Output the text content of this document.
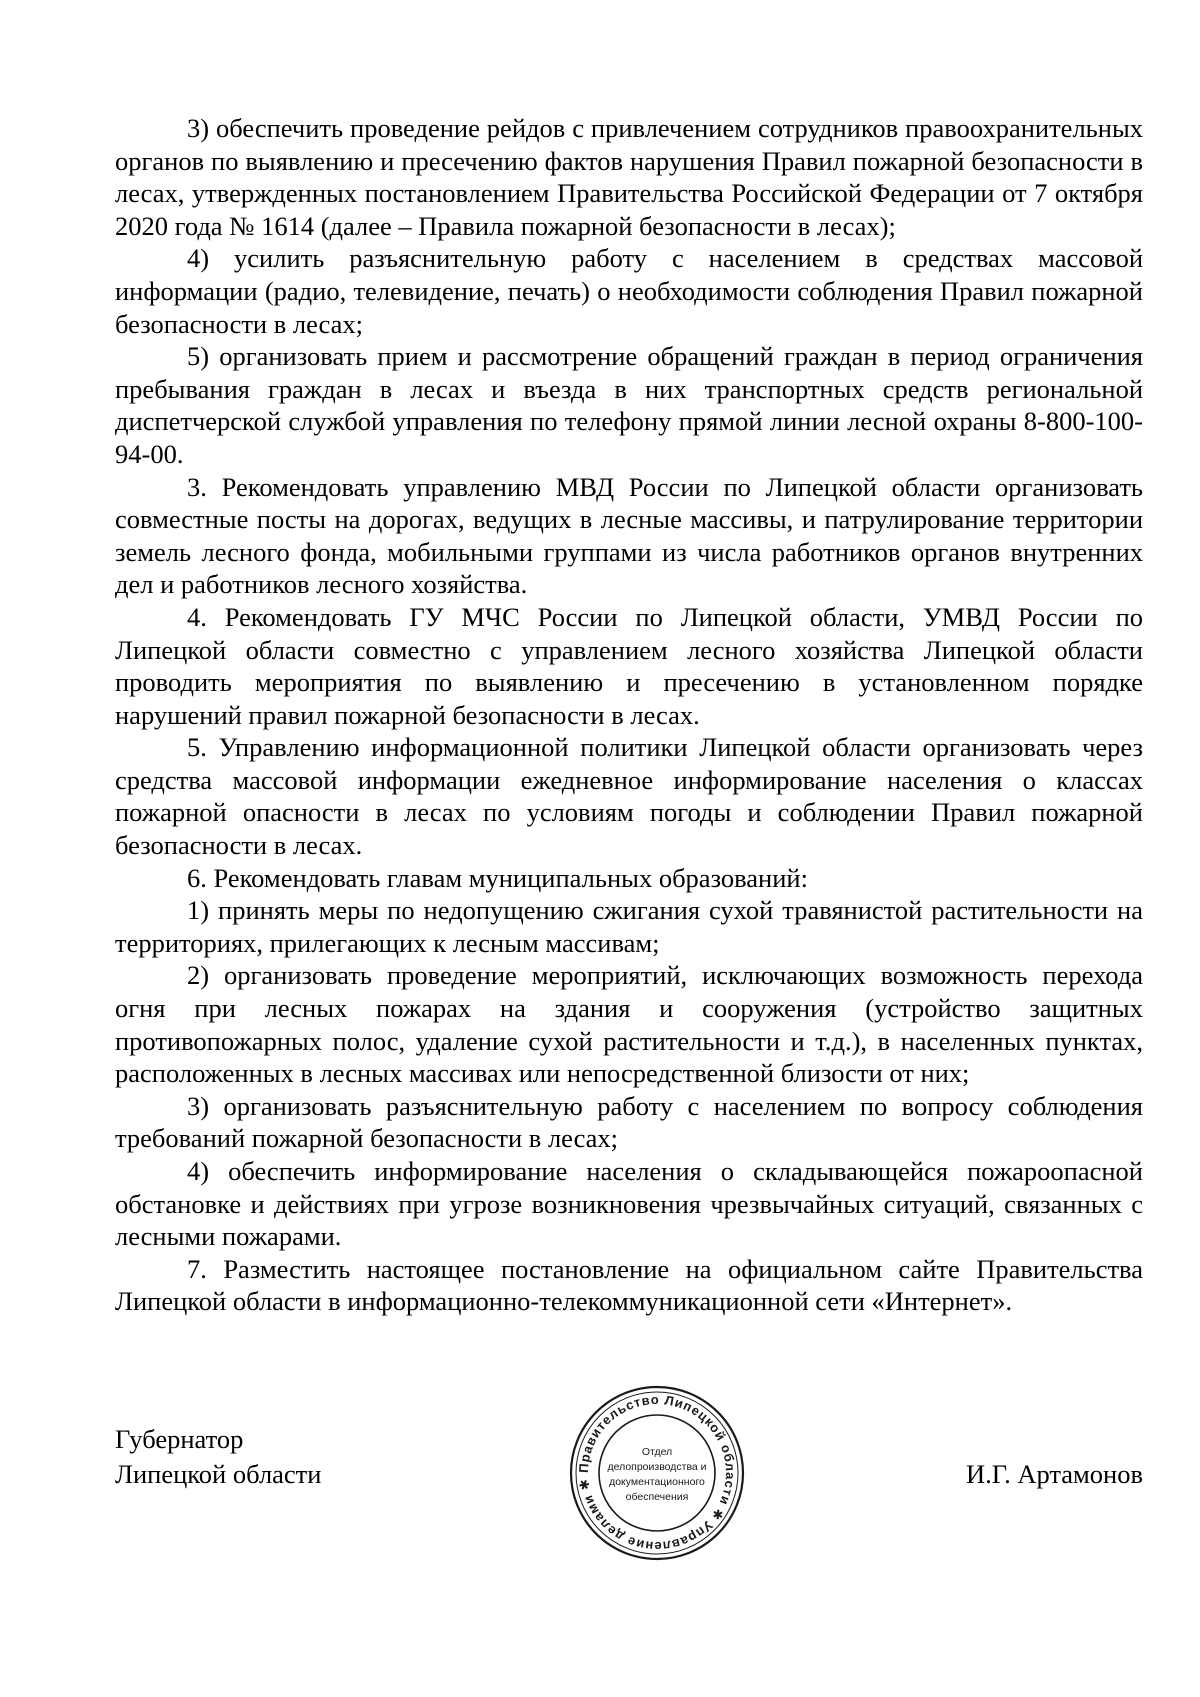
3) обеспечить проведение рейдов с привлечением сотрудников правоохранительных органов по выявлению и пресечению фактов нарушения Правил пожарной безопасности в лесах, утвержденных постановлением Правительства Российской Федерации от 7 октября 2020 года № 1614 (далее – Правила пожарной безопасности в лесах);

4) усилить разъяснительную работу с населением в средствах массовой информации (радио, телевидение, печать) о необходимости соблюдения Правил пожарной безопасности в лесах;

5) организовать прием и рассмотрение обращений граждан в период ограничения пребывания граждан в лесах и въезда в них транспортных средств региональной диспетчерской службой управления по телефону прямой линии лесной охраны 8-800-100-94-00.

3. Рекомендовать управлению МВД России по Липецкой области организовать совместные посты на дорогах, ведущих в лесные массивы, и патрулирование территории земель лесного фонда, мобильными группами из числа работников органов внутренних дел и работников лесного хозяйства.

4. Рекомендовать ГУ МЧС России по Липецкой области, УМВД России по Липецкой области совместно с управлением лесного хозяйства Липецкой области проводить мероприятия по выявлению и пресечению в установленном порядке нарушений правил пожарной безопасности в лесах.

5. Управлению информационной политики Липецкой области организовать через средства массовой информации ежедневное информирование населения о классах пожарной опасности в лесах по условиям погоды и соблюдении Правил пожарной безопасности в лесах.

6. Рекомендовать главам муниципальных образований:

1) принять меры по недопущению сжигания сухой травянистой растительности на территориях, прилегающих к лесным массивам;

2) организовать проведение мероприятий, исключающих возможность перехода огня при лесных пожарах на здания и сооружения (устройство защитных противопожарных полос, удаление сухой растительности и т.д.), в населенных пунктах, расположенных в лесных массивах или непосредственной близости от них;

3) организовать разъяснительную работу с населением по вопросу соблюдения требований пожарной безопасности в лесах;

4) обеспечить информирование населения о складывающейся пожароопасной обстановке и действиях при угрозе возникновения чрезвычайных ситуаций, связанных с лесными пожарами.

7. Разместить настоящее постановление на официальном сайте Правительства Липецкой области в информационно-телекоммуникационной сети «Интернет».

Губернатор
Липецкой области	И.Г. Артамонов
Правительство Липецкой области ✱ Управление делами ✱
Отдел
делопроизводства и
документационного
обеспечения
